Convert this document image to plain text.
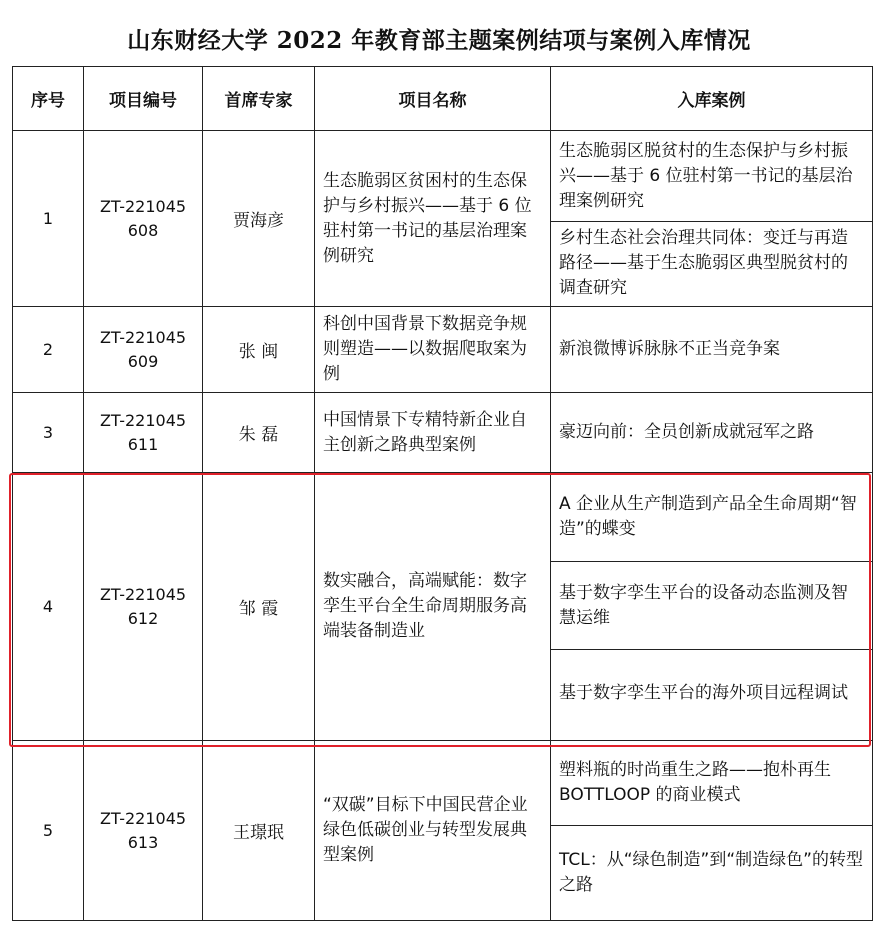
山东财经大学 2022 年教育部主题案例结项与案例入库情况
序号	项目编号	首席专家	项目名称	入库案例
1	ZT-221045 608	贾海彦	生态脆弱区贫困村的生态保护与乡村振兴——基于 6 位驻村第一书记的基层治理案例研究	生态脆弱区脱贫村的生态保护与乡村振兴——基于 6 位驻村第一书记的基层治理案例研究
乡村生态社会治理共同体：变迁与再造路径——基于生态脆弱区典型脱贫村的调查研究

2	ZT-221045 609	张 闽	科创中国背景下数据竞争规则塑造——以数据爬取案为例	新浪微博诉脉脉不正当竞争案

3	ZT-221045 611	朱 磊	中国情景下专精特新企业自主创新之路典型案例	豪迈向前：全员创新成就冠军之路

4	ZT-221045 612	邹 霞	数实融合，高端赋能：数字孪生平台全生命周期服务高端装备制造业	A 企业从生产制造到产品全生命周期“智造”的蝶变
基于数字孪生平台的设备动态监测及智慧运维
基于数字孪生平台的海外项目远程调试

5	ZT-221045 613	王璟珉	“双碳”目标下中国民营企业绿色低碳创业与转型发展典型案例	塑料瓶的时尚重生之路——抱朴再生 BOTTLOOP 的商业模式
TCL：从“绿色制造”到“制造绿色”的转型之路
